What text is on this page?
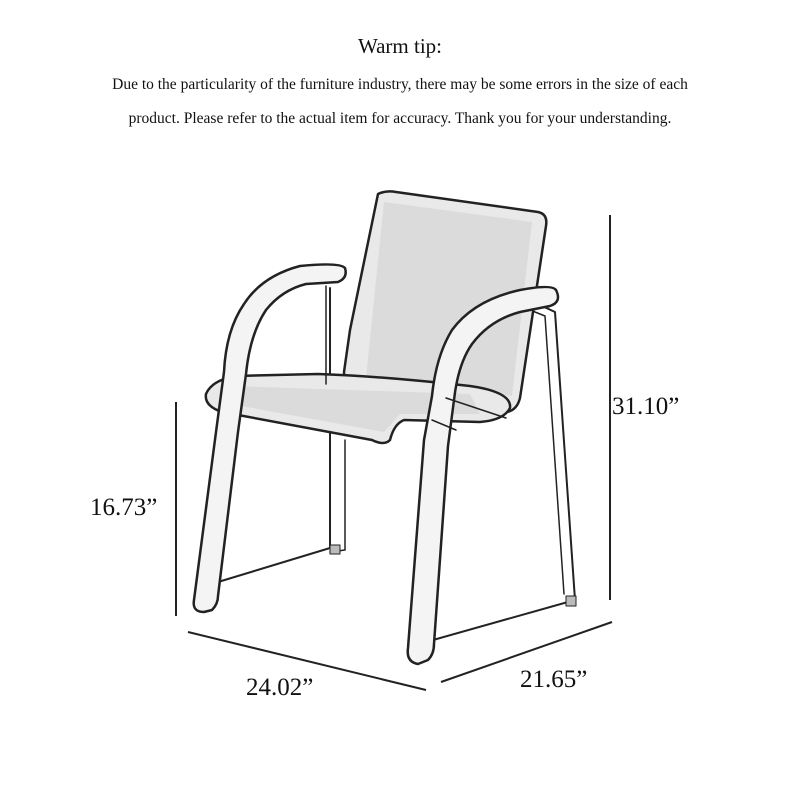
Warm tip:
Due to the particularity of the furniture industry, there may be some errors in the size of each
product. Please refer to the actual item for accuracy. Thank you for your understanding.
31.10”
16.73”
24.02”	21.65”
